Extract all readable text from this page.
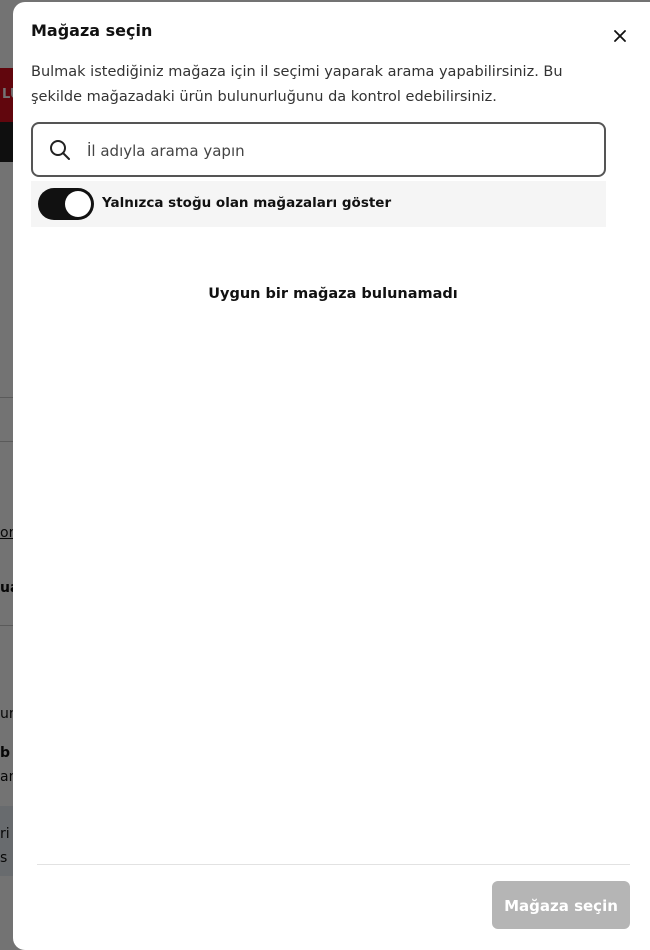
Mağaza seçin
Bulmak istediğiniz mağaza için il seçimi yaparak arama yapabilirsiniz. Bu şekilde mağazadaki ürün bulunurluğunu da kontrol edebilirsiniz.
İl adıyla arama yapın
Yalnızca stoğu olan mağazaları göster
Uygun bir mağaza bulunamadı
Mağaza seçin
